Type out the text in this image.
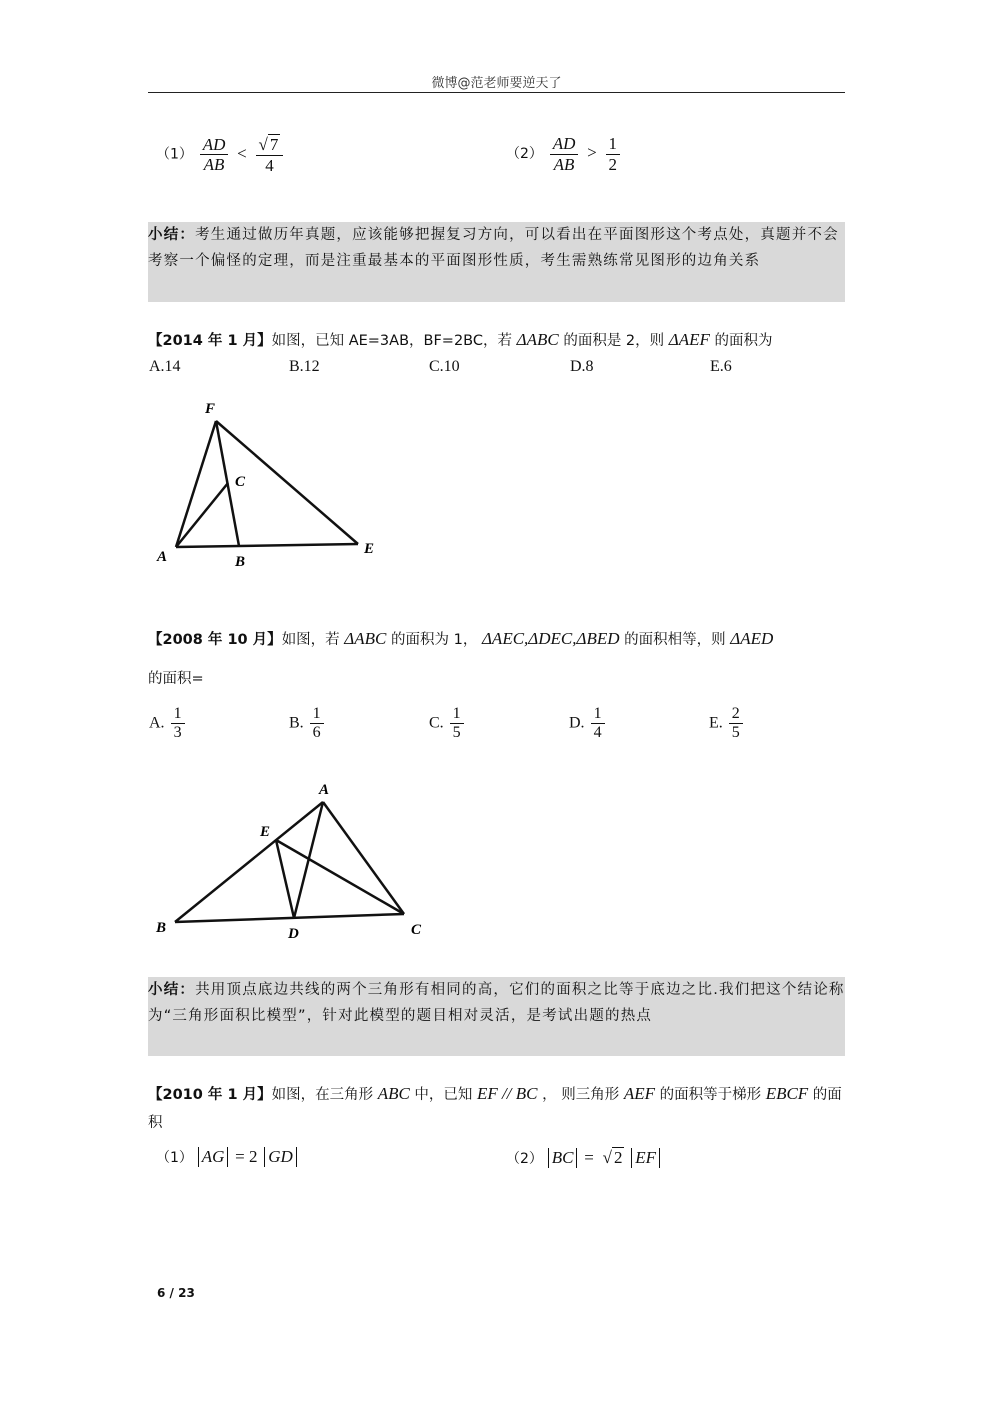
微博@范老师要逆天了
$(1) \frac{AD}{AB} < \frac{√ 7}{4}$	$(2) \frac{AD}{AB} > \frac{1}{2}$
小结：考生通过做历年真题，应该能够把握复习方向，可以看出在平面图形这个考点处，真题并不会考察一个偏怪的定理，而是注重最基本的平面图形性质，考生需熟练常见图形的边角关系
【2014 年 1 月】如图，已知 AE=3AB，BF=2BC，若 ΔABC 的面积是 2，则 ΔAEF 的面积为
A.14	B.12	C.10	D.8	E.6
F
C
A	B
E
【2008 年 10 月】如图，若 ΔABC 的面积为 1， ΔAEC,ΔDEC,ΔBED 的面积相等，则 ΔAED
的面积=
A. $\frac{1}{3}$	B. $\frac{1}{6}$	C. $\frac{1}{5}$	D. $\frac{1}{4}$	E. $\frac{2}{5}$
A
E
B	D	C
小结：共用顶点底边共线的两个三角形有相同的高，它们的面积之比等于底边之比.我们把这个结论称为“三角形面积比模型”，针对此模型的题目相对灵活，是考试出题的热点
【2010 年 1 月】如图，在三角形 ABC 中，已知 EF // BC ， 则三角形 AEF 的面积等于梯形 EBCF 的面积
（1） AG = 2 GD	（2） BC = √ 2 EF
6 / 23
